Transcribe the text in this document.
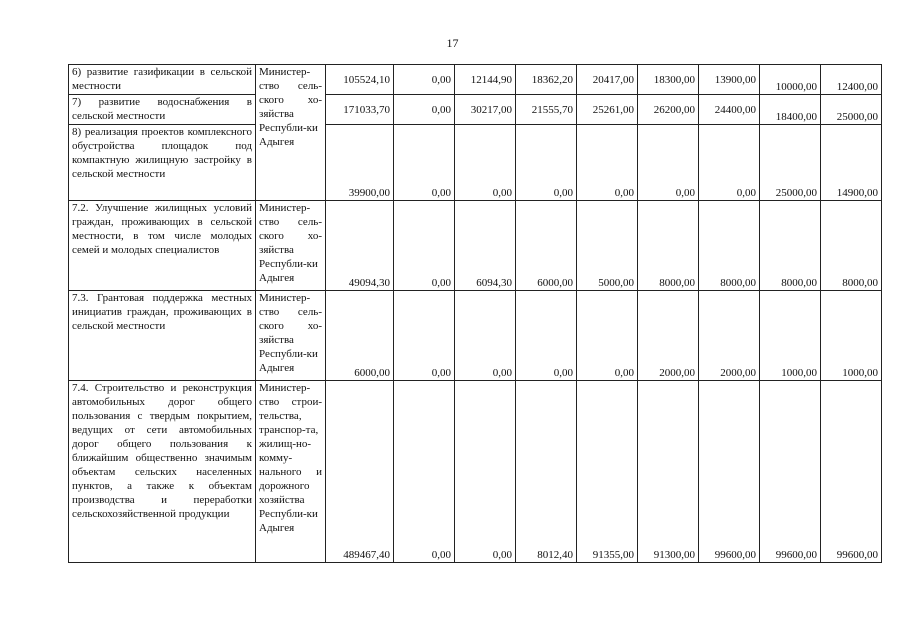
17
6) развитие газификации в сельской местности	Министер-ство сель-ского хо-зяйства Республи-ки Адыгея	105524,10	0,00	12144,90	18362,20	20417,00	18300,00	13900,00	10000,00	12400,00
7) развитие водоснабжения в сельской местности		171033,70	0,00	30217,00	21555,70	25261,00	26200,00	24400,00	18400,00	25000,00
8) реализация проектов комплексного обустройства площадок под компактную жилищную застройку в сельской местности		39900,00	0,00	0,00	0,00	0,00	0,00	0,00	25000,00	14900,00
7.2. Улучшение жилищных условий граждан, проживающих в сельской местности, в том числе молодых семей и молодых специалистов	Министер-ство сель-ского хо-зяйства Республи-ки Адыгея	49094,30	0,00	6094,30	6000,00	5000,00	8000,00	8000,00	8000,00	8000,00
7.3. Грантовая поддержка местных инициатив граждан, проживающих в сельской местности	Министер-ство сель-ского хо-зяйства Республи-ки Адыгея	6000,00	0,00	0,00	0,00	0,00	2000,00	2000,00	1000,00	1000,00
7.4. Строительство и реконструкция автомобильных дорог общего пользования с твердым покрытием, ведущих от сети автомобильных дорог общего пользования к ближайшим общественно значимым объектам сельских населенных пунктов, а также к объектам производства и переработки сельскохозяйственной продукции	Министер-ство строи-тельства, транспор-та, жилищ-но-комму-нального и дорожного хозяйства Республи-ки Адыгея	489467,40	0,00	0,00	8012,40	91355,00	91300,00	99600,00	99600,00	99600,00
